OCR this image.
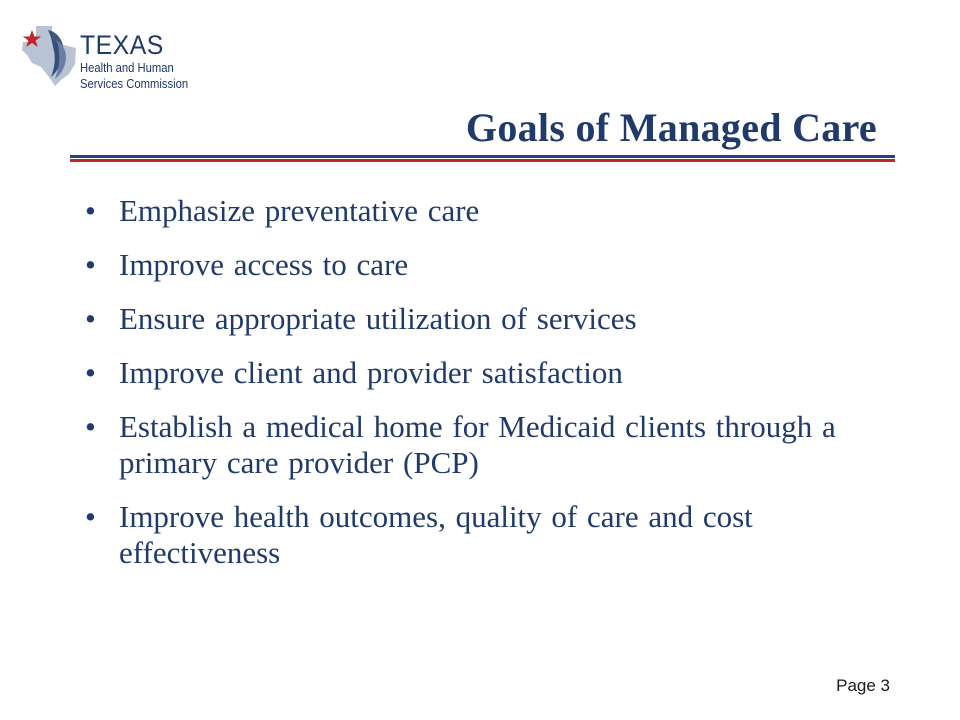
TEXAS
Health and Human
Services Commission
Goals of Managed Care
• Emphasize preventative care
• Improve access to care
• Ensure appropriate utilization of services
• Improve client and provider satisfaction
• Establish a medical home for Medicaid clients through a primary care provider (PCP)
• Improve health outcomes, quality of care and cost effectiveness
Page 3
